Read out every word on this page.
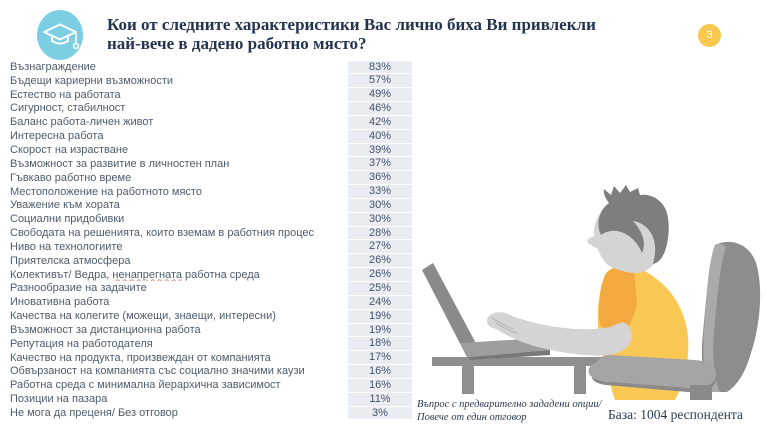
Кои от следните характеристики Вас лично биха Ви привлекли
най-вече в дадено работно място?	3
Възнаграждение	83%
Бъдещи кариерни възможности	57%
Естество на работата	49%
Сигурност, стабилност	46%
Баланс работа-личен живот	42%
Интересна работа	40%
Скорост на израстване	39%
Възможност за развитие в личностен план	37%
Гъвкаво работно време	36%
Местоположение на работното място	33%
Уважение към хората	30%
Социални придобивки	30%
Свободата на решенията, които вземам в работния процес	28%
Ниво на технологиите	27%
Приятелска атмосфера	26%
Колективът/ Ведра, ненапрегната работна среда	26%
Разнообразие на задачите	25%
Иновативна работа	24%
Качества на колегите (можещи, знаещи, интересни)	19%
Възможност за дистанционна работа	19%
Репутация на работодателя	18%
Качество на продукта, произвеждан от компанията	17%
Обвързаност на компанията със социално значими каузи	16%
Работна среда с минимална йерархична зависимост	16%
Позиции на пазара	11%
Не мога да преценя/ Без отговор	3%
Въпрос с предварително зададени опции/ Повече от един отговор	База: 1004 респондента
